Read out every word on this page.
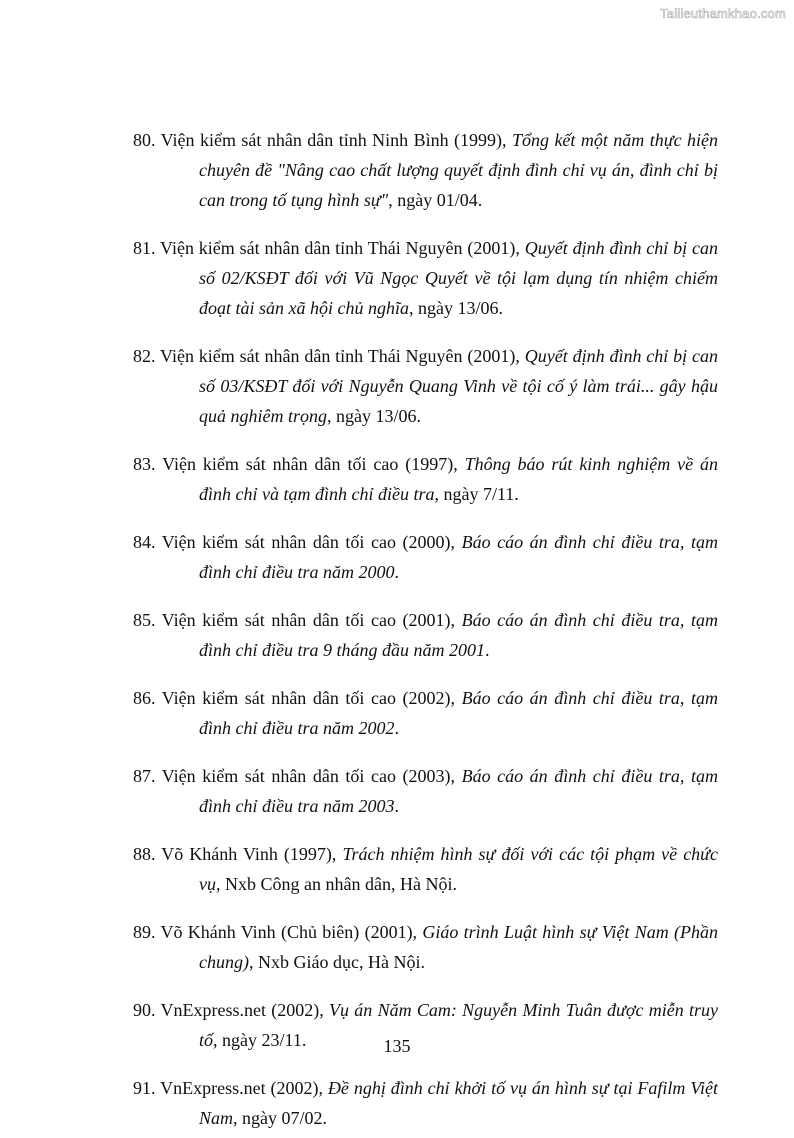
Tailieuthamkhao.com

80. Viện kiểm sát nhân dân tỉnh Ninh Bình (1999), Tổng kết một năm thực hiện chuyên đề "Nâng cao chất lượng quyết định đình chỉ vụ án, đình chỉ bị can trong tố tụng hình sự", ngày 01/04.

81. Viện kiểm sát nhân dân tỉnh Thái Nguyên (2001), Quyết định đình chỉ bị can số 02/KSĐT đối với Vũ Ngọc Quyết về tội lạm dụng tín nhiệm chiếm đoạt tài sản xã hội chủ nghĩa, ngày 13/06.

82. Viện kiểm sát nhân dân tỉnh Thái Nguyên (2001), Quyết định đình chỉ bị can số 03/KSĐT đối với Nguyễn Quang Vinh về tội cố ý làm trái... gây hậu quả nghiêm trọng, ngày 13/06.

83. Viện kiểm sát nhân dân tối cao (1997), Thông báo rút kinh nghiệm về án đình chỉ và tạm đình chỉ điều tra, ngày 7/11.

84. Viện kiểm sát nhân dân tối cao (2000), Báo cáo án đình chỉ điều tra, tạm đình chỉ điều tra năm 2000.

85. Viện kiểm sát nhân dân tối cao (2001), Báo cáo án đình chỉ điều tra, tạm đình chỉ điều tra 9 tháng đầu năm 2001.

86. Viện kiểm sát nhân dân tối cao (2002), Báo cáo án đình chỉ điều tra, tạm đình chỉ điều tra năm 2002.

87. Viện kiểm sát nhân dân tối cao (2003), Báo cáo án đình chỉ điều tra, tạm đình chỉ điều tra năm 2003.

88. Võ Khánh Vinh (1997), Trách nhiệm hình sự đối với các tội phạm về chức vụ, Nxb Công an nhân dân, Hà Nội.

89. Võ Khánh Vinh (Chủ biên) (2001), Giáo trình Luật hình sự Việt Nam (Phần chung), Nxb Giáo dục, Hà Nội.

90. VnExpress.net (2002), Vụ án Năm Cam: Nguyễn Minh Tuân được miễn truy tố, ngày 23/11.

91. VnExpress.net (2002), Đề nghị đình chỉ khởi tố vụ án hình sự tại Fafilm Việt Nam, ngày 07/02.

135
